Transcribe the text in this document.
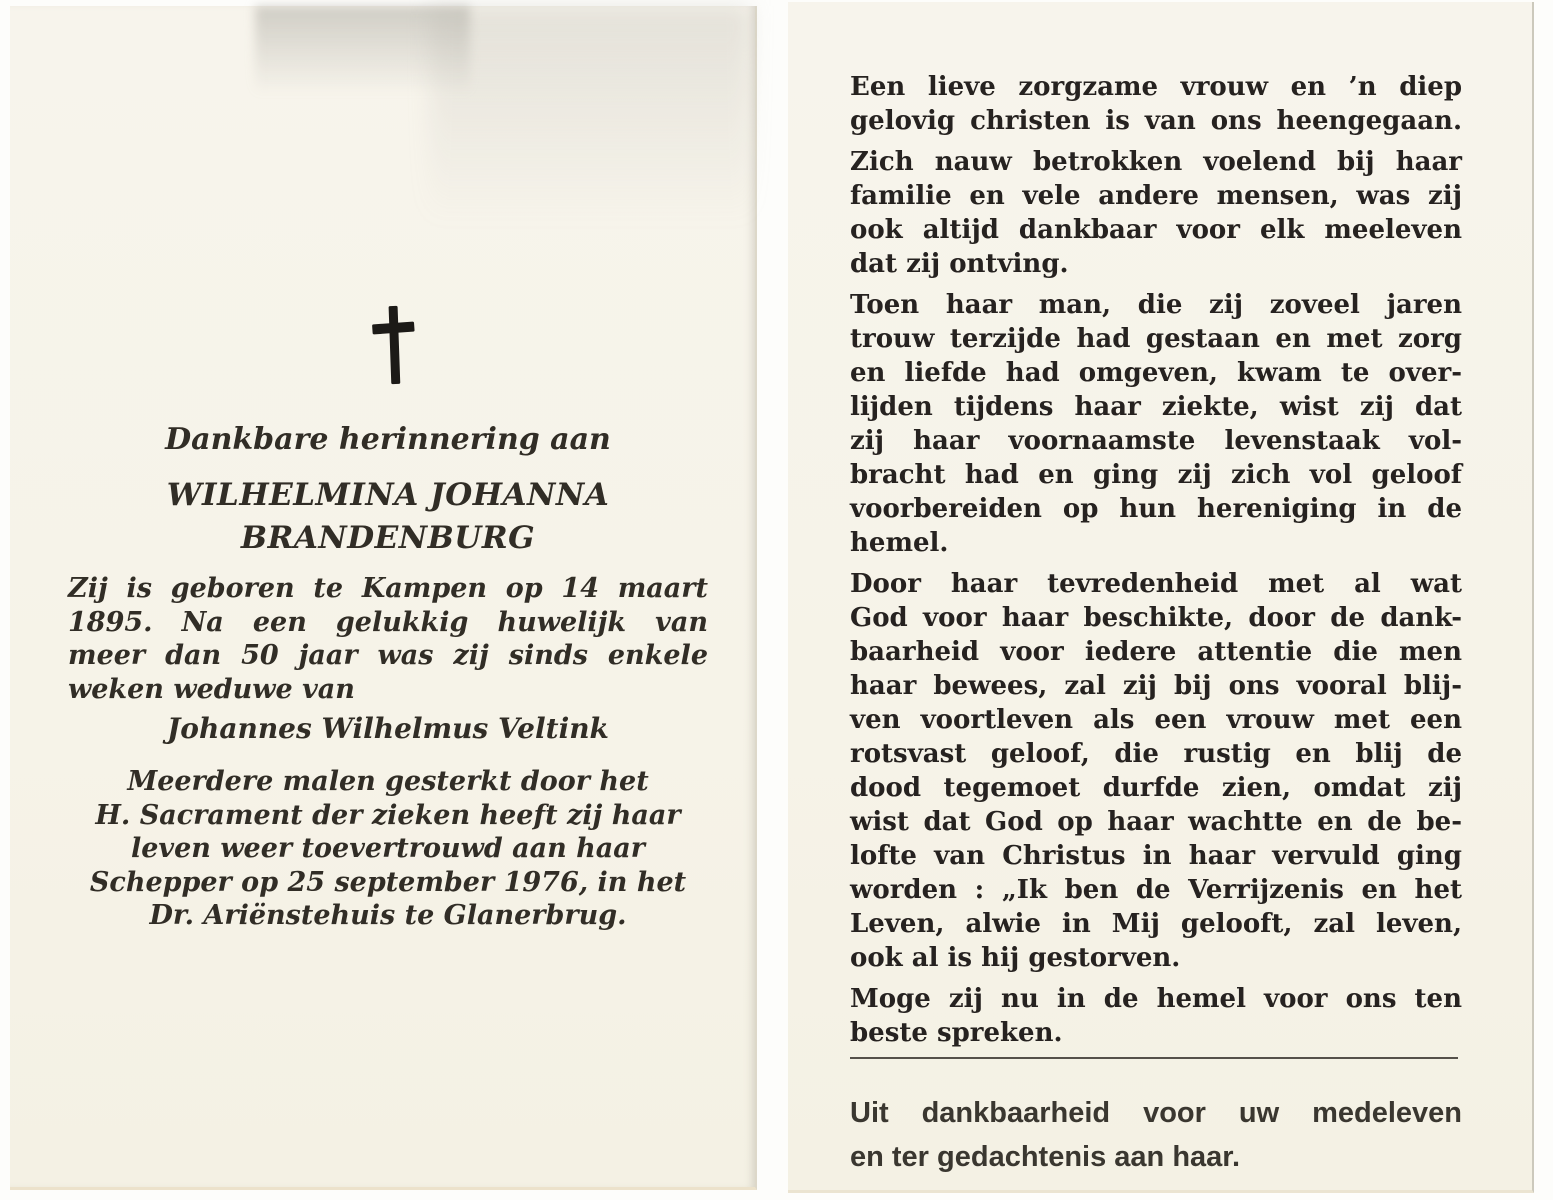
Dankbare herinnering aan
WILHELMINA JOHANNA
BRANDENBURG
Zij is geboren te Kampen op 14 maart
1895. Na een gelukkig huwelijk van
meer dan 50 jaar was zij sinds enkele
weken weduwe van
Johannes Wilhelmus Veltink
Meerdere malen gesterkt door het
H. Sacrament der zieken heeft zij haar
leven weer toevertrouwd aan haar
Schepper op 25 september 1976, in het
Dr. Ariënstehuis te Glanerbrug.
Een lieve zorgzame vrouw en ’n diep
gelovig christen is van ons heengegaan.
Zich nauw betrokken voelend bij haar
familie en vele andere mensen, was zij
ook altijd dankbaar voor elk meeleven
dat zij ontving.
Toen haar man, die zij zoveel jaren
trouw terzijde had gestaan en met zorg
en liefde had omgeven, kwam te over-
lijden tijdens haar ziekte, wist zij dat
zij haar voornaamste levenstaak vol-
bracht had en ging zij zich vol geloof
voorbereiden op hun hereniging in de
hemel.
Door haar tevredenheid met al wat
God voor haar beschikte, door de dank-
baarheid voor iedere attentie die men
haar bewees, zal zij bij ons vooral blij-
ven voortleven als een vrouw met een
rotsvast geloof, die rustig en blij de
dood tegemoet durfde zien, omdat zij
wist dat God op haar wachtte en de be-
lofte van Christus in haar vervuld ging
worden : „Ik ben de Verrijzenis en het
Leven, alwie in Mij gelooft, zal leven,
ook al is hij gestorven.
Moge zij nu in de hemel voor ons ten
beste spreken.
Uit dankbaarheid voor uw medeleven
en ter gedachtenis aan haar.
